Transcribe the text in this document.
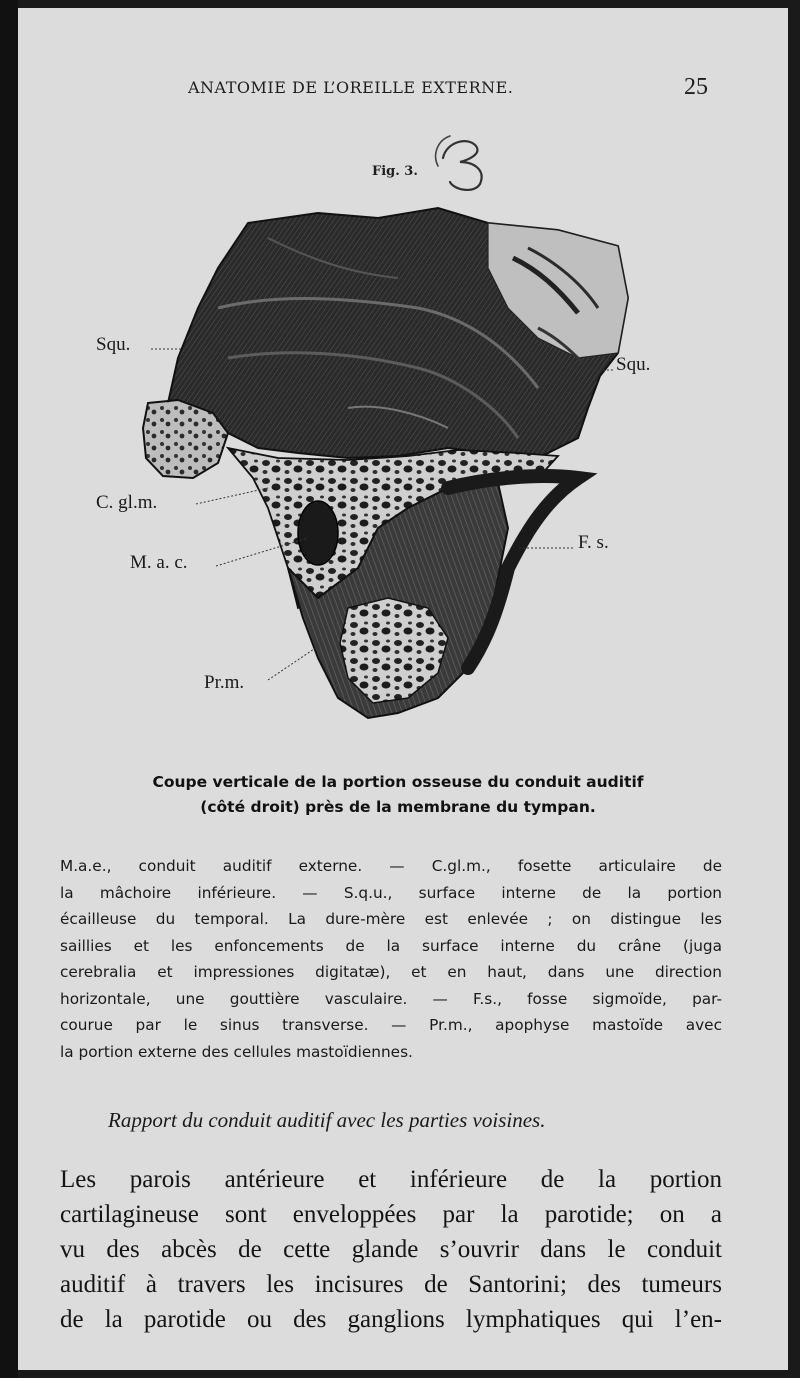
ANATOMIE DE L’OREILLE EXTERNE.	25
Fig. 3.
Squ.
Squ.
C. gl.m.
M. a. c.
F. s.
Pr.m.
Coupe verticale de la portion osseuse du conduit auditif
(côté droit) près de la membrane du tympan.
M.a.e., conduit auditif externe. — C.gl.m., fosette articulaire de
la mâchoire inférieure. — S.q.u., surface interne de la portion
écailleuse du temporal. La dure-mère est enlevée ; on distingue les
saillies et les enfoncements de la surface interne du crâne (juga
cerebralia et impressiones digitatæ), et en haut, dans une direction
horizontale, une gouttière vasculaire. — F.s., fosse sigmoïde, par-
courue par le sinus transverse. — Pr.m., apophyse mastoïde avec
la portion externe des cellules mastoïdiennes.
Rapport du conduit auditif avec les parties voisines.
Les parois antérieure et inférieure de la portion
cartilagineuse sont enveloppées par la parotide; on a
vu des abcès de cette glande s’ouvrir dans le conduit
auditif à travers les incisures de Santorini; des tumeurs
de la parotide ou des ganglions lymphatiques qui l’en-
